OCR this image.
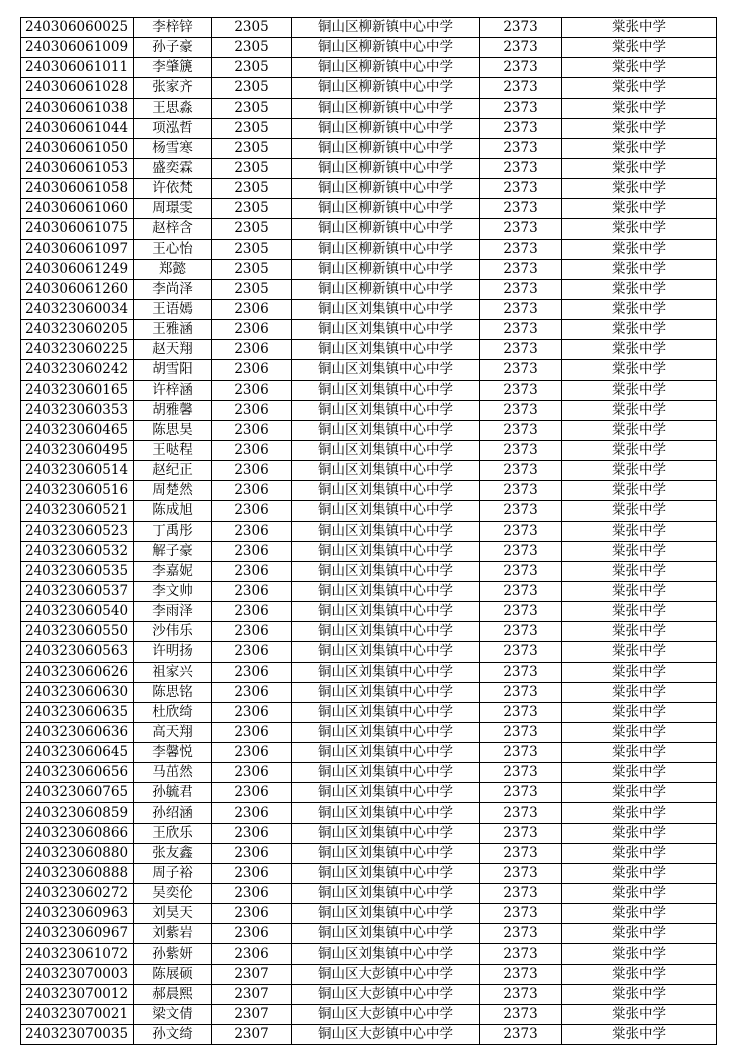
240306060025	李梓锌	2305	铜山区柳新镇中心中学	2373	棠张中学
240306061009	孙子豪	2305	铜山区柳新镇中心中学	2373	棠张中学
240306061011	李肇篪	2305	铜山区柳新镇中心中学	2373	棠张中学
240306061028	张家齐	2305	铜山区柳新镇中心中学	2373	棠张中学
240306061038	王思淼	2305	铜山区柳新镇中心中学	2373	棠张中学
240306061044	项泓哲	2305	铜山区柳新镇中心中学	2373	棠张中学
240306061050	杨雪寒	2305	铜山区柳新镇中心中学	2373	棠张中学
240306061053	盛奕霖	2305	铜山区柳新镇中心中学	2373	棠张中学
240306061058	许依梵	2305	铜山区柳新镇中心中学	2373	棠张中学
240306061060	周璟雯	2305	铜山区柳新镇中心中学	2373	棠张中学
240306061075	赵梓含	2305	铜山区柳新镇中心中学	2373	棠张中学
240306061097	王心怡	2305	铜山区柳新镇中心中学	2373	棠张中学
240306061249	郑懿	2305	铜山区柳新镇中心中学	2373	棠张中学
240306061260	李尚泽	2305	铜山区柳新镇中心中学	2373	棠张中学
240323060034	王语嫣	2306	铜山区刘集镇中心中学	2373	棠张中学
240323060205	王雅涵	2306	铜山区刘集镇中心中学	2373	棠张中学
240323060225	赵天翔	2306	铜山区刘集镇中心中学	2373	棠张中学
240323060242	胡雪阳	2306	铜山区刘集镇中心中学	2373	棠张中学
240323060165	许梓涵	2306	铜山区刘集镇中心中学	2373	棠张中学
240323060353	胡雅馨	2306	铜山区刘集镇中心中学	2373	棠张中学
240323060465	陈思昊	2306	铜山区刘集镇中心中学	2373	棠张中学
240323060495	王哒程	2306	铜山区刘集镇中心中学	2373	棠张中学
240323060514	赵纪正	2306	铜山区刘集镇中心中学	2373	棠张中学
240323060516	周楚然	2306	铜山区刘集镇中心中学	2373	棠张中学
240323060521	陈成旭	2306	铜山区刘集镇中心中学	2373	棠张中学
240323060523	丁禹彤	2306	铜山区刘集镇中心中学	2373	棠张中学
240323060532	解子豪	2306	铜山区刘集镇中心中学	2373	棠张中学
240323060535	李嘉妮	2306	铜山区刘集镇中心中学	2373	棠张中学
240323060537	李文帅	2306	铜山区刘集镇中心中学	2373	棠张中学
240323060540	李雨泽	2306	铜山区刘集镇中心中学	2373	棠张中学
240323060550	沙伟乐	2306	铜山区刘集镇中心中学	2373	棠张中学
240323060563	许明扬	2306	铜山区刘集镇中心中学	2373	棠张中学
240323060626	祖家兴	2306	铜山区刘集镇中心中学	2373	棠张中学
240323060630	陈思铭	2306	铜山区刘集镇中心中学	2373	棠张中学
240323060635	杜欣绮	2306	铜山区刘集镇中心中学	2373	棠张中学
240323060636	高天翔	2306	铜山区刘集镇中心中学	2373	棠张中学
240323060645	李馨悦	2306	铜山区刘集镇中心中学	2373	棠张中学
240323060656	马茁然	2306	铜山区刘集镇中心中学	2373	棠张中学
240323060765	孙毓君	2306	铜山区刘集镇中心中学	2373	棠张中学
240323060859	孙绍涵	2306	铜山区刘集镇中心中学	2373	棠张中学
240323060866	王欣乐	2306	铜山区刘集镇中心中学	2373	棠张中学
240323060880	张友鑫	2306	铜山区刘集镇中心中学	2373	棠张中学
240323060888	周子裕	2306	铜山区刘集镇中心中学	2373	棠张中学
240323060272	吴奕伦	2306	铜山区刘集镇中心中学	2373	棠张中学
240323060963	刘昊天	2306	铜山区刘集镇中心中学	2373	棠张中学
240323060967	刘紫岩	2306	铜山区刘集镇中心中学	2373	棠张中学
240323061072	孙紫妍	2306	铜山区刘集镇中心中学	2373	棠张中学
240323070003	陈展硕	2307	铜山区大彭镇中心中学	2373	棠张中学
240323070012	郝晨熙	2307	铜山区大彭镇中心中学	2373	棠张中学
240323070021	梁文倩	2307	铜山区大彭镇中心中学	2373	棠张中学
240323070035	孙文绮	2307	铜山区大彭镇中心中学	2373	棠张中学
